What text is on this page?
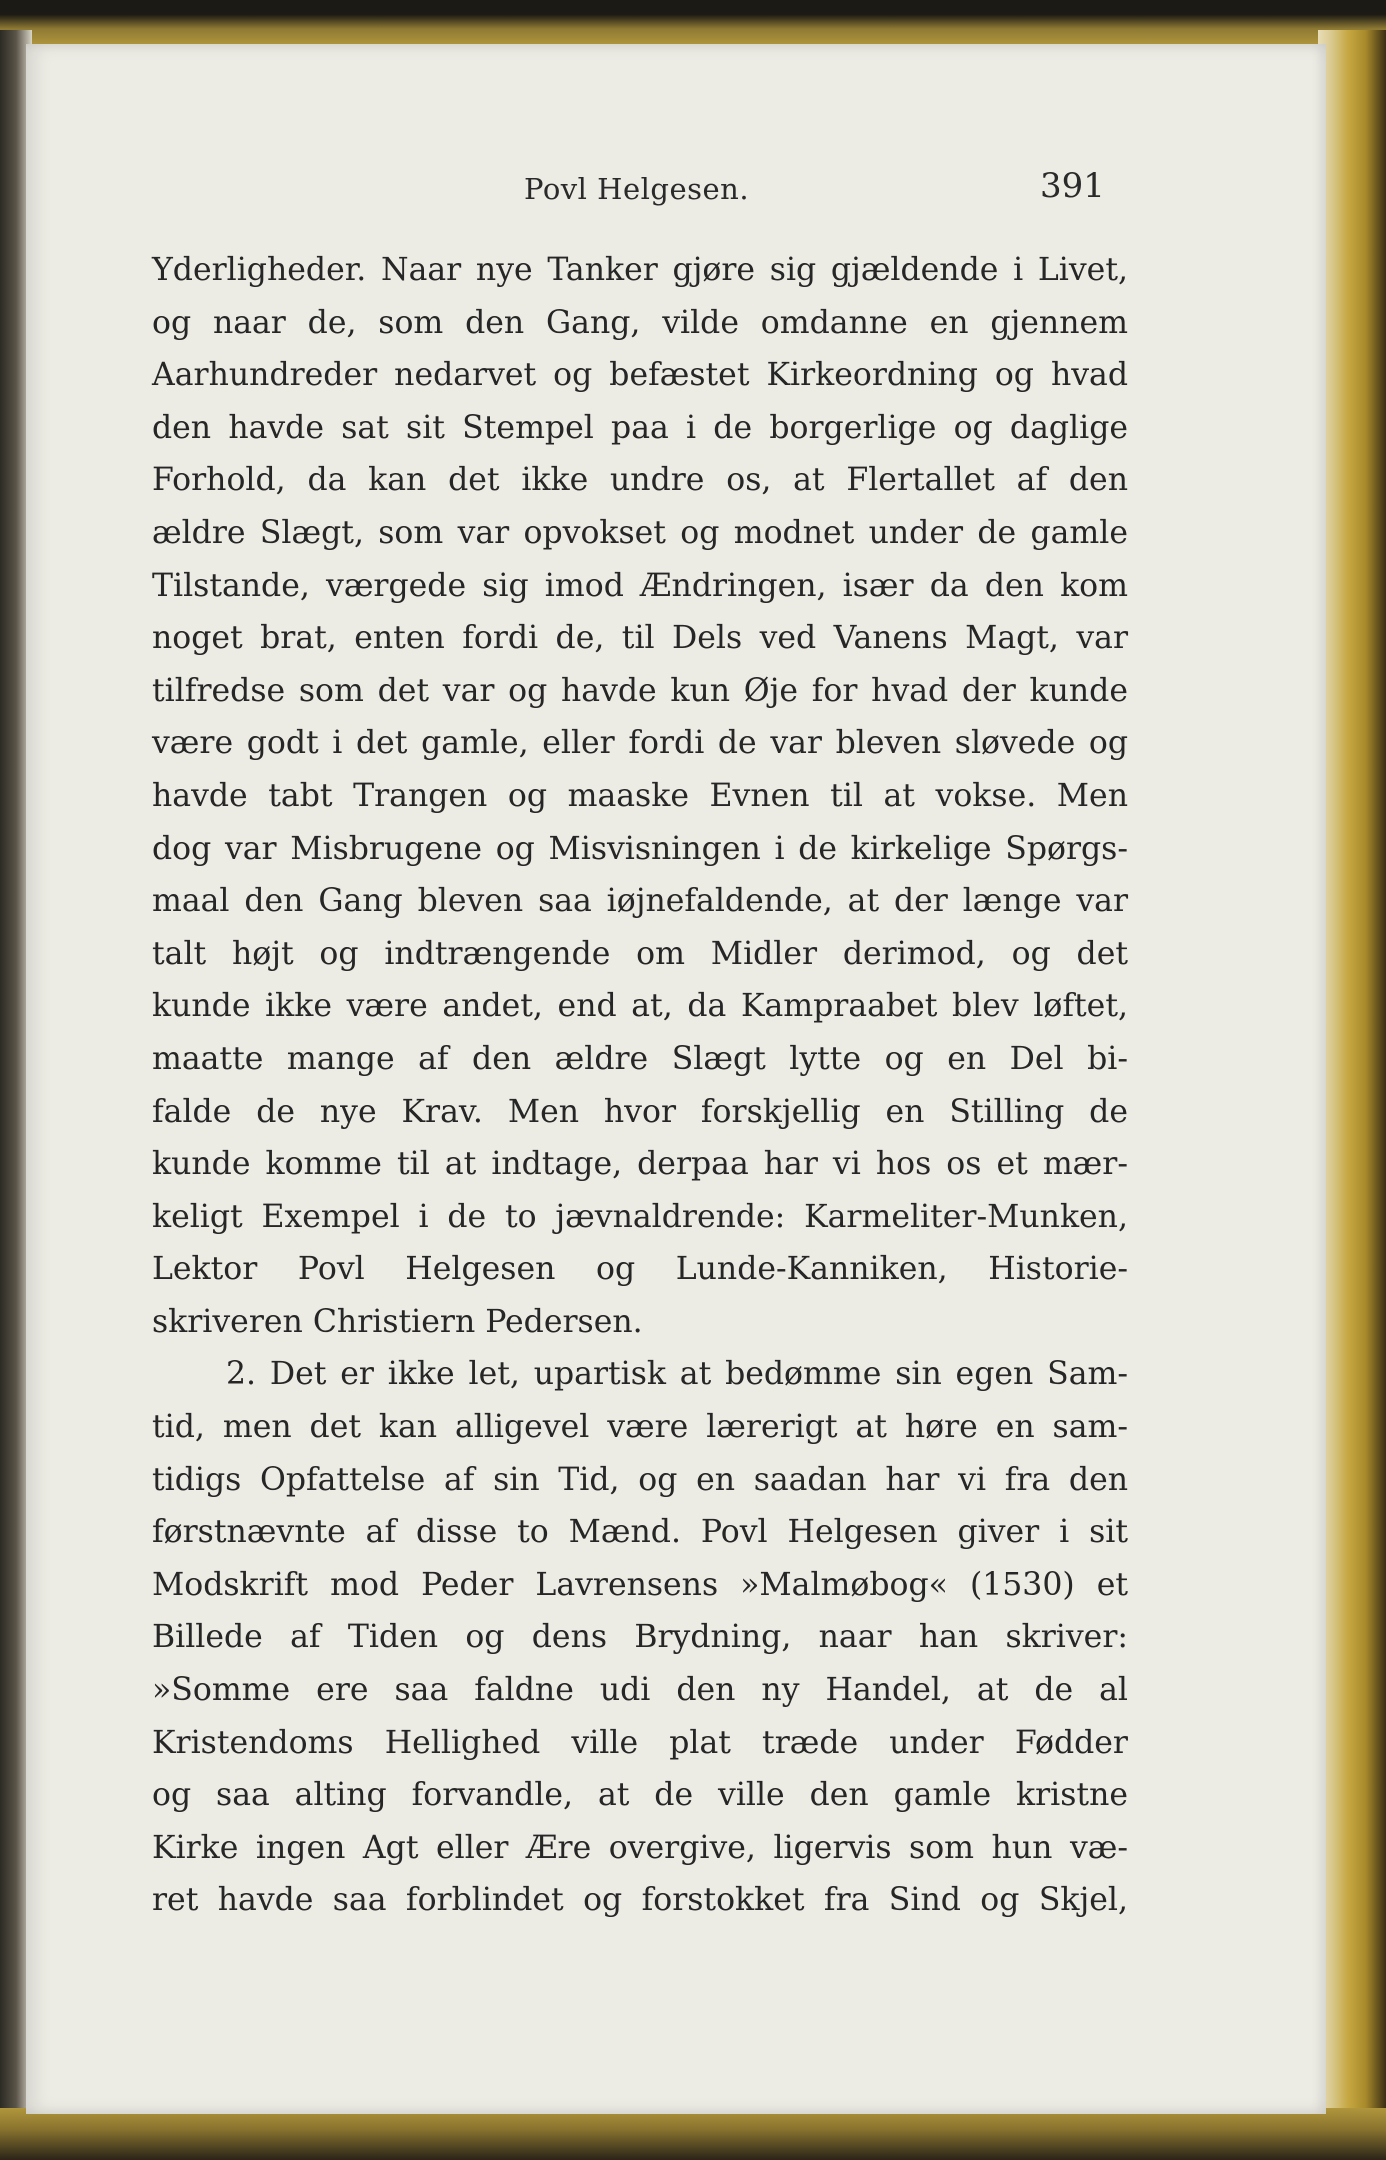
Povl Helgesen.	391
Yderligheder. Naar nye Tanker gjøre sig gjældende i Livet,
og naar de, som den Gang, vilde omdanne en gjennem
Aarhundreder nedarvet og befæstet Kirkeordning og hvad
den havde sat sit Stempel paa i de borgerlige og daglige
Forhold, da kan det ikke undre os, at Flertallet af den
ældre Slægt, som var opvokset og modnet under de gamle
Tilstande, værgede sig imod Ændringen, især da den kom
noget brat, enten fordi de, til Dels ved Vanens Magt, var
tilfredse som det var og havde kun Øje for hvad der kunde
være godt i det gamle, eller fordi de var bleven sløvede og
havde tabt Trangen og maaske Evnen til at vokse. Men
dog var Misbrugene og Misvisningen i de kirkelige Spørgs-
maal den Gang bleven saa iøjnefaldende, at der længe var
talt højt og indtrængende om Midler derimod, og det
kunde ikke være andet, end at, da Kampraabet blev løftet,
maatte mange af den ældre Slægt lytte og en Del bi-
falde de nye Krav. Men hvor forskjellig en Stilling de
kunde komme til at indtage, derpaa har vi hos os et mær-
keligt Exempel i de to jævnaldrende: Karmeliter-Munken,
Lektor Povl Helgesen og Lunde-Kanniken, Historie-
skriveren Christiern Pedersen.
2. Det er ikke let, upartisk at bedømme sin egen Sam-
tid, men det kan alligevel være lærerigt at høre en sam-
tidigs Opfattelse af sin Tid, og en saadan har vi fra den
førstnævnte af disse to Mænd. Povl Helgesen giver i sit
Modskrift mod Peder Lavrensens »Malmøbog« (1530) et
Billede af Tiden og dens Brydning, naar han skriver:
»Somme ere saa faldne udi den ny Handel, at de al
Kristendoms Hellighed ville plat træde under Fødder
og saa alting forvandle, at de ville den gamle kristne
Kirke ingen Agt eller Ære overgive, ligervis som hun væ-
ret havde saa forblindet og forstokket fra Sind og Skjel,
